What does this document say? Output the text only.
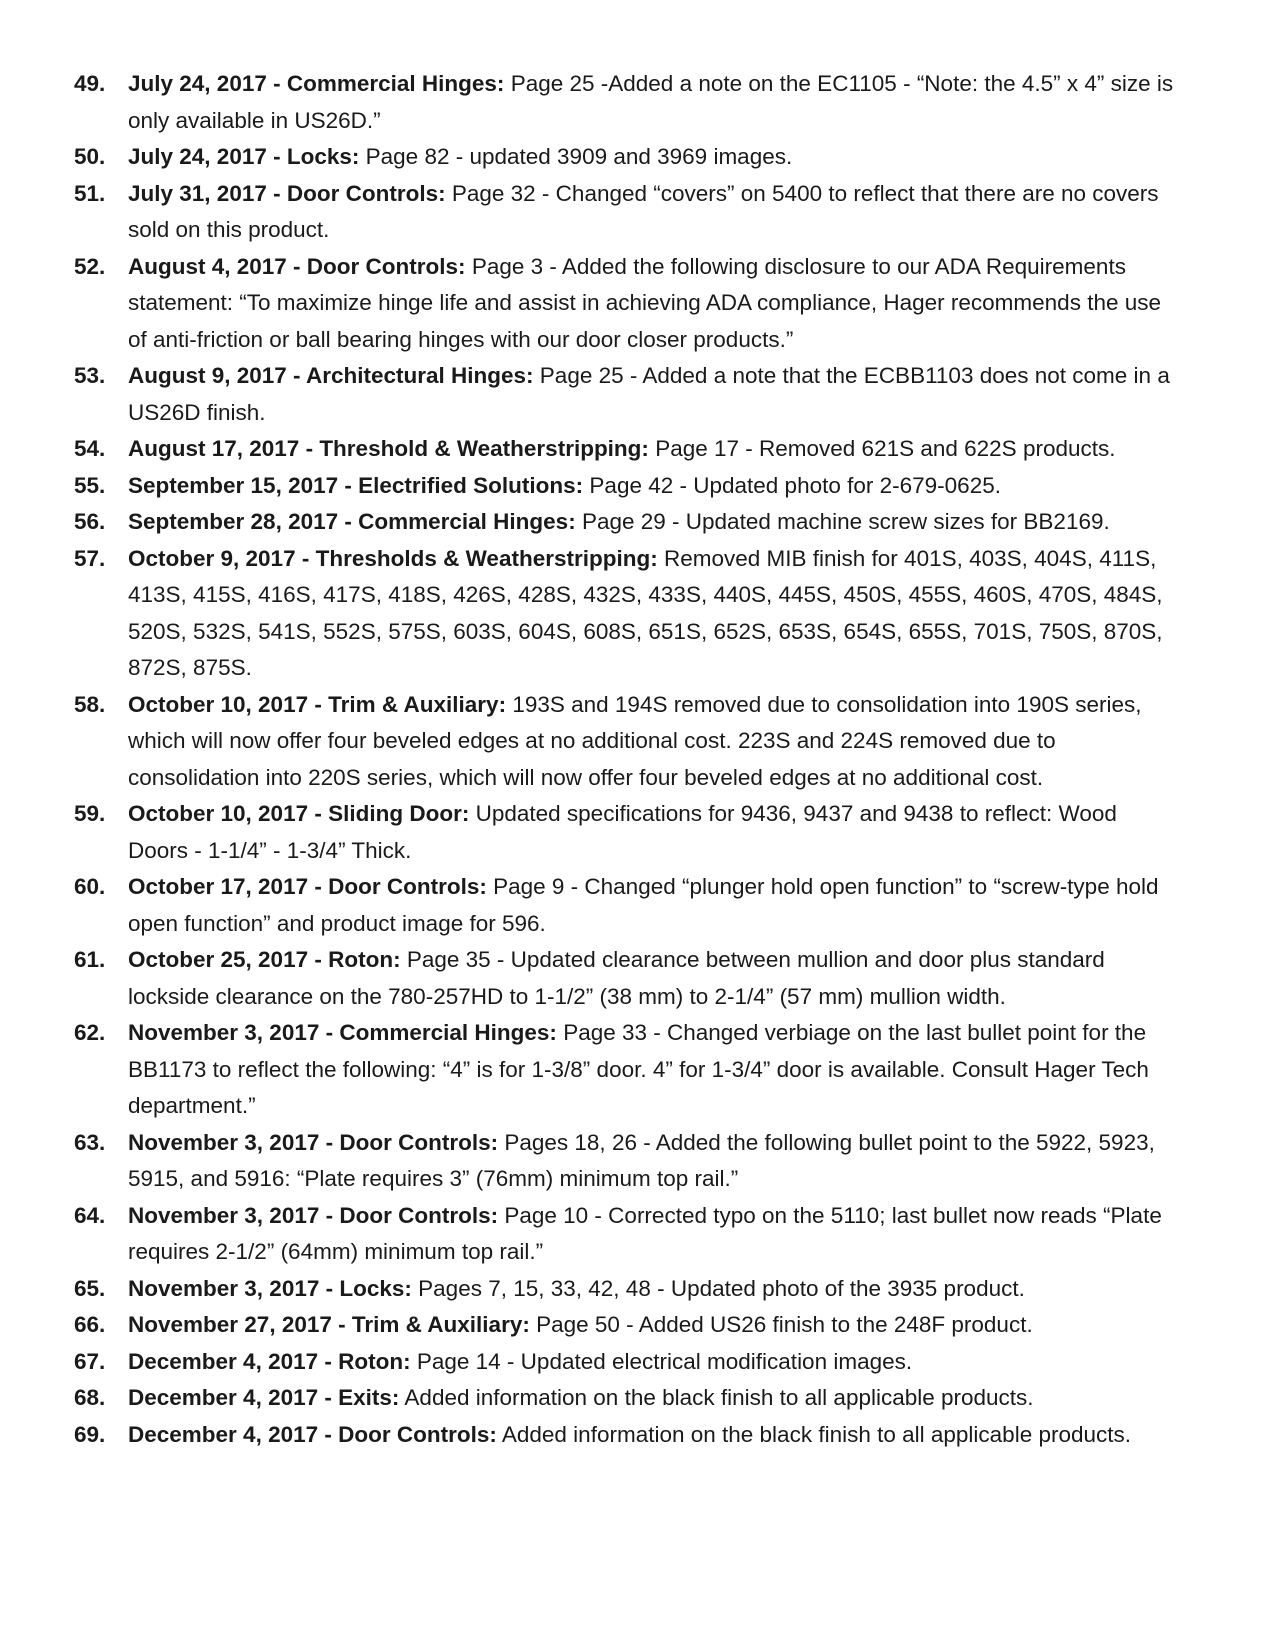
49.	July 24, 2017 - Commercial Hinges: Page 25 -Added a note on the EC1105 - “Note: the 4.5” x 4” size is only available in US26D.”
50.	July 24, 2017 - Locks: Page 82 - updated 3909 and 3969 images.
51.	July 31, 2017 - Door Controls: Page 32 - Changed “covers” on 5400 to reflect that there are no covers sold on this product.
52.	August 4, 2017 - Door Controls: Page 3 - Added the following disclosure to our ADA Requirements statement: “To maximize hinge life and assist in achieving ADA compliance, Hager recommends the use of anti-friction or ball bearing hinges with our door closer products.”
53.	August 9, 2017 - Architectural Hinges: Page 25 - Added a note that the ECBB1103 does not come in a US26D finish.
54.	August 17, 2017 - Threshold & Weatherstripping: Page 17 - Removed 621S and 622S products.
55.	September 15, 2017 - Electrified Solutions: Page 42 - Updated photo for 2-679-0625.
56.	September 28, 2017 - Commercial Hinges: Page 29 - Updated machine screw sizes for BB2169.
57.	October 9, 2017 - Thresholds & Weatherstripping: Removed MIB finish for 401S, 403S, 404S, 411S, 413S, 415S, 416S, 417S, 418S, 426S, 428S, 432S, 433S, 440S, 445S, 450S, 455S, 460S, 470S, 484S, 520S, 532S, 541S, 552S, 575S, 603S, 604S, 608S, 651S, 652S, 653S, 654S, 655S, 701S, 750S, 870S, 872S, 875S.
58.	October 10, 2017 - Trim & Auxiliary: 193S and 194S removed due to consolidation into 190S series, which will now offer four beveled edges at no additional cost. 223S and 224S removed due to consolidation into 220S series, which will now offer four beveled edges at no additional cost.
59.	October 10, 2017 - Sliding Door: Updated specifications for 9436, 9437 and 9438 to reflect: Wood Doors - 1-1/4” - 1-3/4” Thick.
60.	October 17, 2017 - Door Controls: Page 9 - Changed “plunger hold open function” to “screw-type hold open function” and product image for 596.
61.	October 25, 2017 - Roton: Page 35 - Updated clearance between mullion and door plus standard lockside clearance on the 780-257HD to 1-1/2” (38 mm) to 2-1/4” (57 mm) mullion width.
62.	November 3, 2017 - Commercial Hinges: Page 33 - Changed verbiage on the last bullet point for the BB1173 to reflect the following: “4” is for 1-3/8” door. 4” for 1-3/4” door is available. Consult Hager Tech department.”
63.	November 3, 2017 - Door Controls: Pages 18, 26 - Added the following bullet point to the 5922, 5923, 5915, and 5916: “Plate requires 3” (76mm) minimum top rail.”
64.	November 3, 2017 - Door Controls: Page 10 - Corrected typo on the 5110; last bullet now reads “Plate requires 2-1/2” (64mm) minimum top rail.”
65.	November 3, 2017 - Locks: Pages 7, 15, 33, 42, 48 - Updated photo of the 3935 product.
66.	November 27, 2017 - Trim & Auxiliary: Page 50 - Added US26 finish to the 248F product.
67.	December 4, 2017 - Roton: Page 14 - Updated electrical modification images.
68.	December 4, 2017 - Exits: Added information on the black finish to all applicable products.
69.	December 4, 2017 - Door Controls: Added information on the black finish to all applicable products.
